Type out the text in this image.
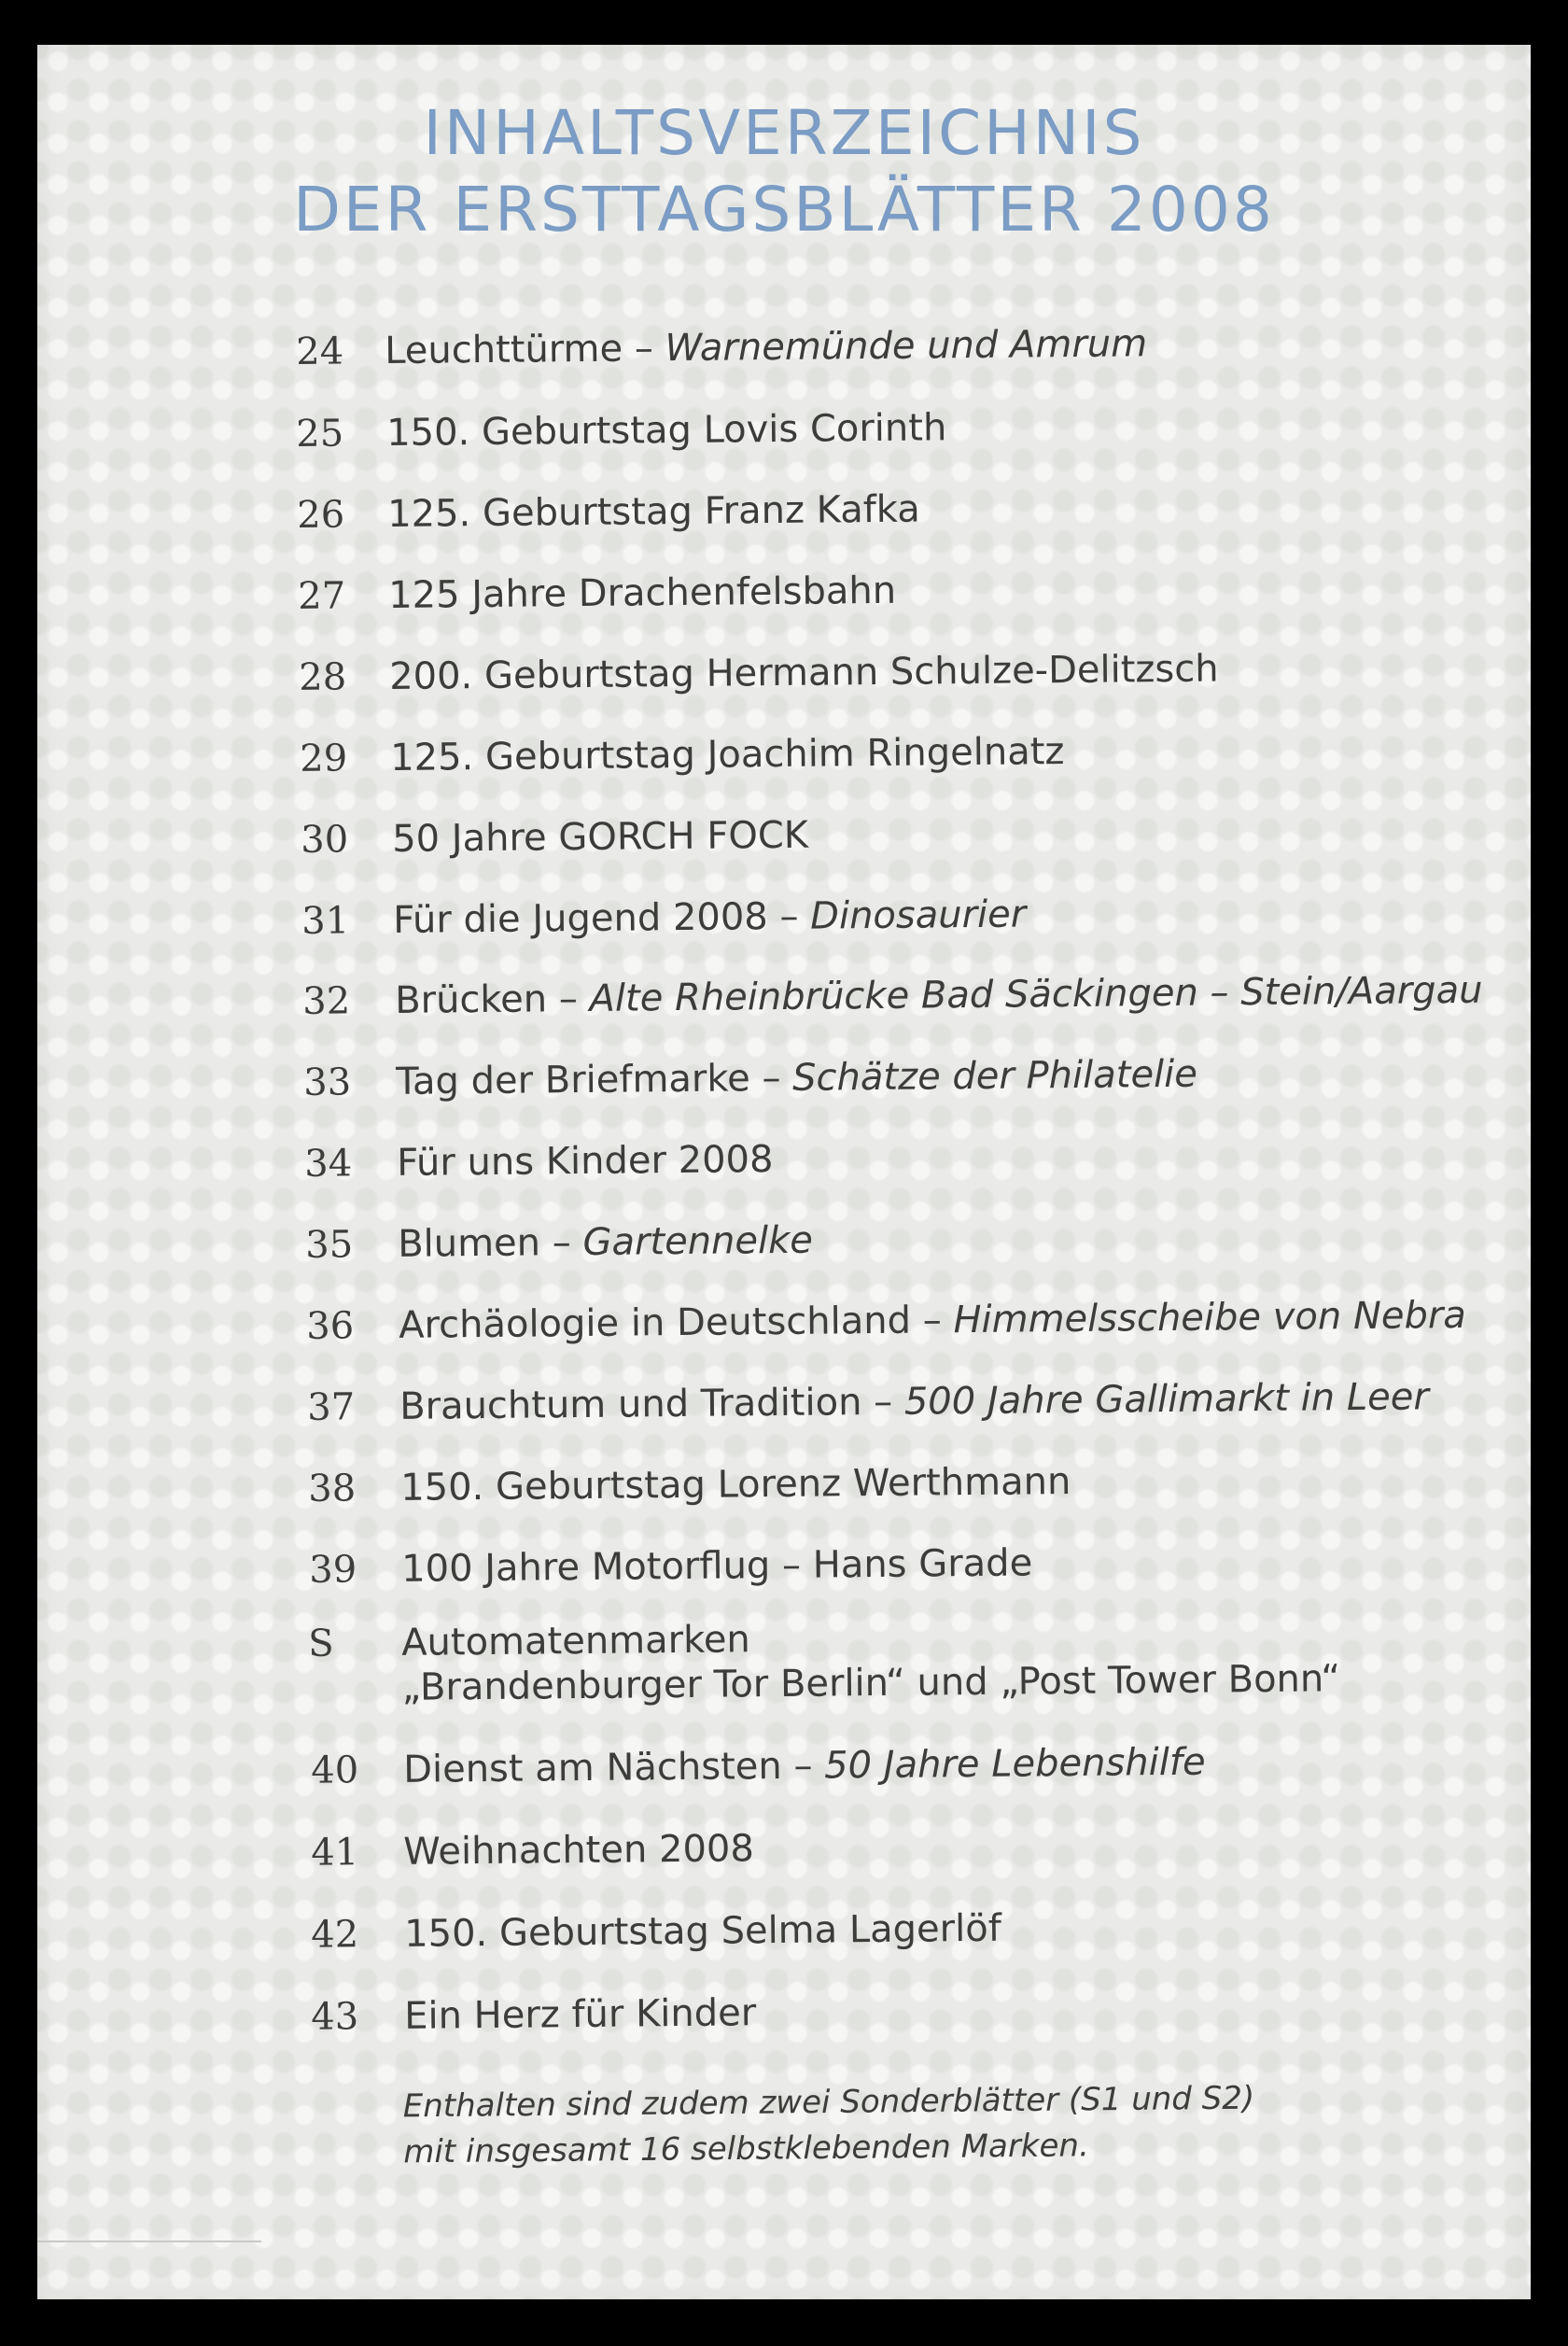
INHALTSVERZEICHNIS
DER ERSTTAGSBLÄTTER 2008
24 Leuchttürme – Warnemünde und Amrum
25 150. Geburtstag Lovis Corinth
26 125. Geburtstag Franz Kafka
27 125 Jahre Drachenfelsbahn
28 200. Geburtstag Hermann Schulze-Delitzsch
29 125. Geburtstag Joachim Ringelnatz
30 50 Jahre GORCH FOCK
31 Für die Jugend 2008 – Dinosaurier
32 Brücken – Alte Rheinbrücke Bad Säckingen – Stein/Aargau
33 Tag der Briefmarke – Schätze der Philatelie
34 Für uns Kinder 2008
35 Blumen – Gartennelke
36 Archäologie in Deutschland – Himmelsscheibe von Nebra
37 Brauchtum und Tradition – 500 Jahre Gallimarkt in Leer
38 150. Geburtstag Lorenz Werthmann
39 100 Jahre Motorflug – Hans Grade
S	Automatenmarken
„Brandenburger Tor Berlin“ und „Post Tower Bonn“
40 Dienst am Nächsten – 50 Jahre Lebenshilfe
41 Weihnachten 2008
42 150. Geburtstag Selma Lagerlöf
43 Ein Herz für Kinder
Enthalten sind zudem zwei Sonderblätter (S1 und S2)
mit insgesamt 16 selbstklebenden Marken.
